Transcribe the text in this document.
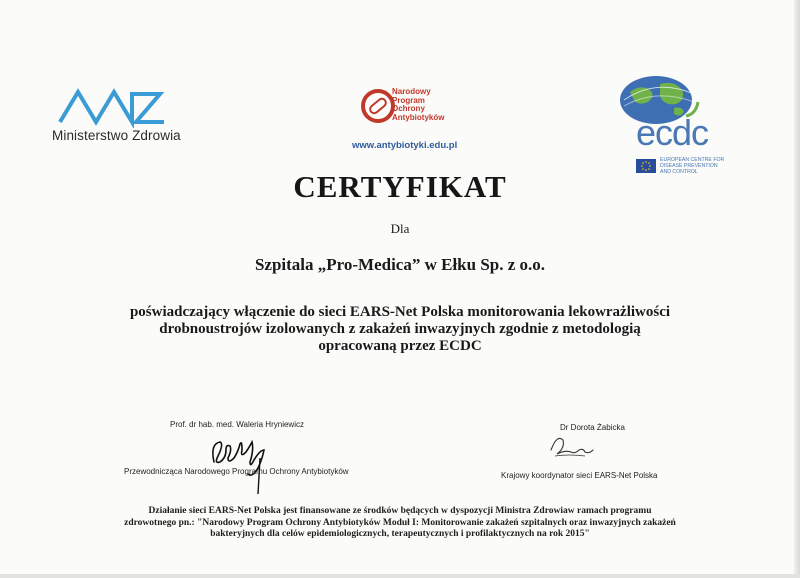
Ministerstwo Zdrowia
Narodowy
Program
Ochrony
Antybiotyków
www.antybiotyki.edu.pl	ecdc
EUROPEAN CENTRE FOR
DISEASE PREVENTION
AND CONTROL
CERTYFIKAT
Dla
Szpitala „Pro-Medica” w Ełku Sp. z o.o.
poświadczający włączenie do sieci EARS-Net Polska monitorowania lekowrażliwości
drobnoustrojów izolowanych z zakażeń inwazyjnych zgodnie z metodologią
opracowaną przez ECDC
Prof. dr hab. med. Waleria Hryniewicz
Przewodnicząca Narodowego Programu Ochrony Antybiotyków
Dr Dorota Żabicka
Krajowy koordynator sieci EARS-Net Polska
Działanie sieci EARS-Net Polska jest finansowane ze środków będących w dyspozycji Ministra Zdrowiaw ramach programu
zdrowotnego pn.: "Narodowy Program Ochrony Antybiotyków Moduł I: Monitorowanie zakażeń szpitalnych oraz inwazyjnych zakażeń
bakteryjnych dla celów epidemiologicznych, terapeutycznych i profilaktycznych na rok 2015"
